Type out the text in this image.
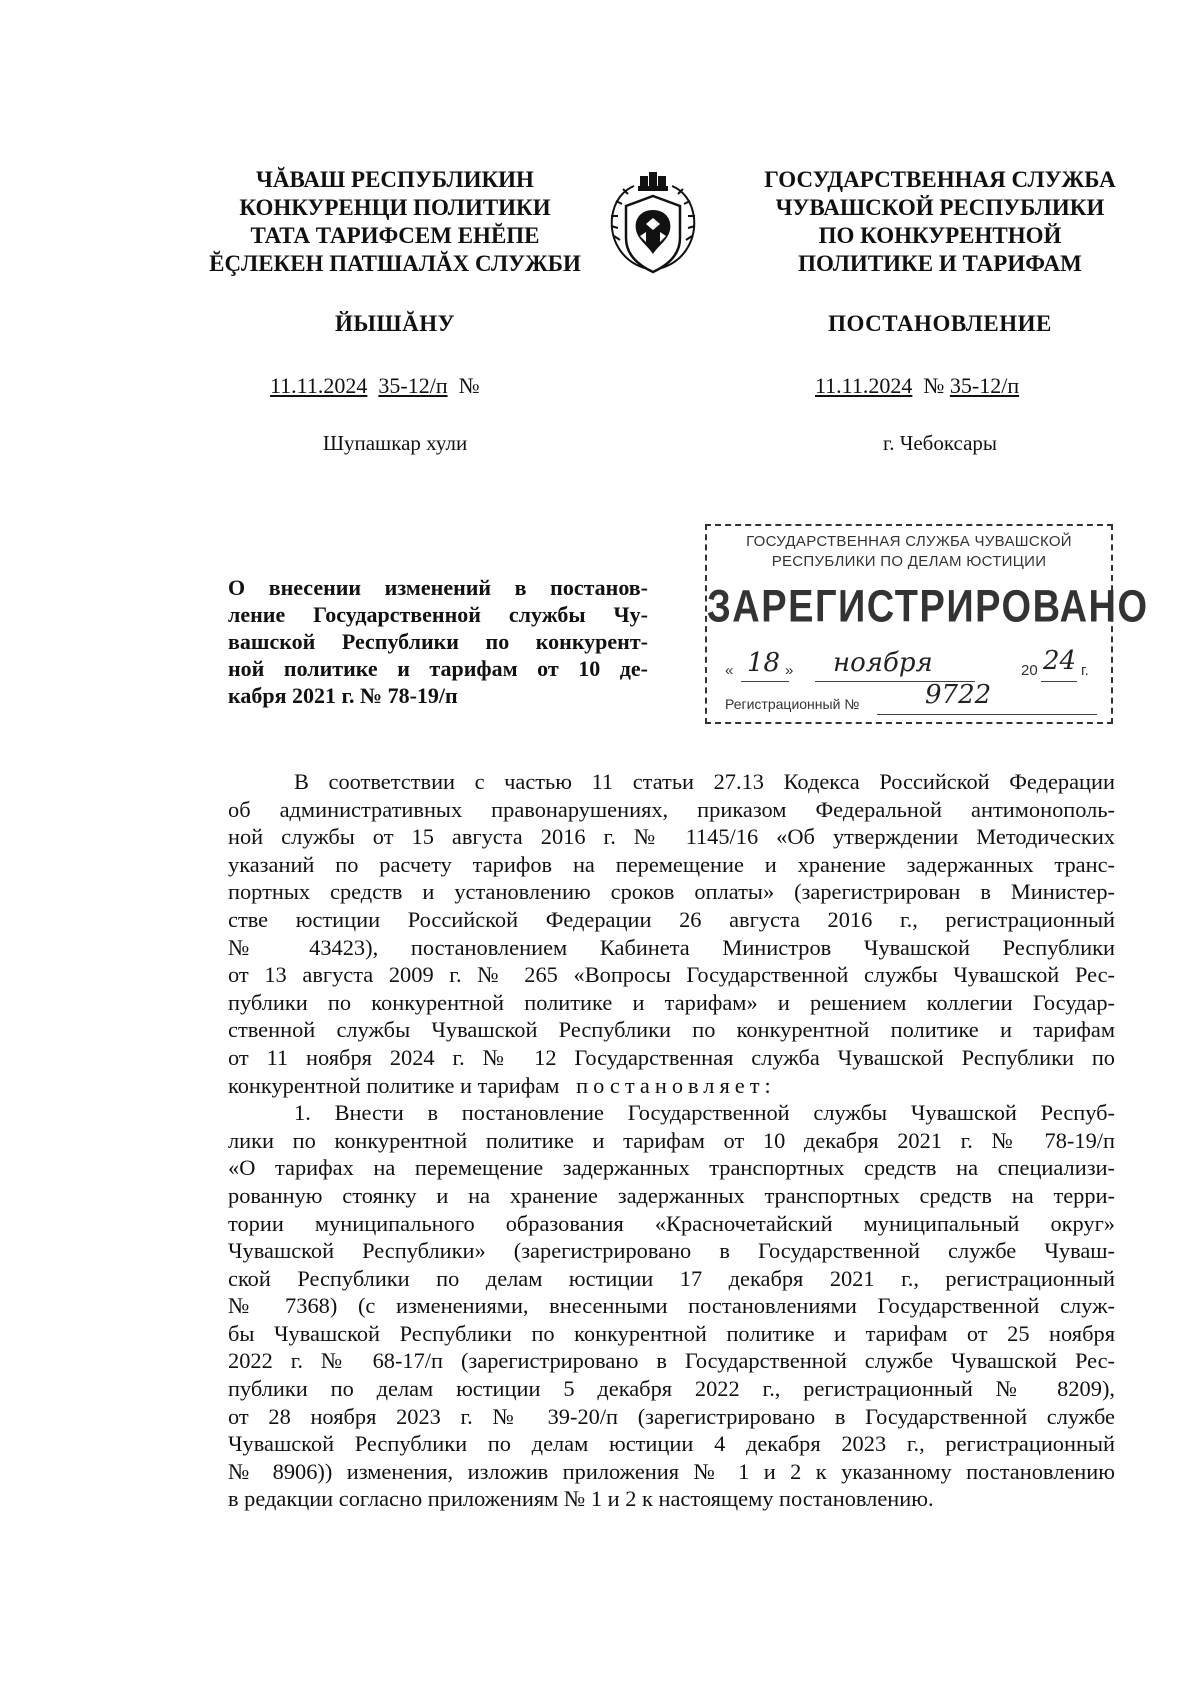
ЧĂВАШ РЕСПУБЛИКИН
КОНКУРЕНЦИ ПОЛИТИКИ
ТАТА ТАРИФСЕМ ЕНĔПЕ
ĔÇЛЕКЕН ПАТШАЛĂХ СЛУЖБИ
ГОСУДАРСТВЕННАЯ СЛУЖБА
ЧУВАШСКОЙ РЕСПУБЛИКИ
ПО КОНКУРЕНТНОЙ
ПОЛИТИКЕ И ТАРИФАМ
ЙЫШĂНУ	ПОСТАНОВЛЕНИЕ
11.11.2024 35-12/п №	11.11.2024 № 35-12/п
Шупашкар хули	г. Чебоксары
ГОСУДАРСТВЕННАЯ СЛУЖБА ЧУВАШСКОЙ
РЕСПУБЛИКИ ПО ДЕЛАМ ЮСТИЦИИ
ЗАРЕГИСТРИРОВАНО
« 18 » ноября	20 24 г.
Регистрационный №	9722
О внесении изменений в постанов-
ление Государственной службы Чу-
вашской Республики по конкурент-
ной политике и тарифам от 10 де-
кабря 2021 г. № 78-19/п
В соответствии с частью 11 статьи 27.13 Кодекса Российской Федерации
об административных правонарушениях, приказом Федеральной антимонополь-
ной службы от 15 августа 2016 г. № 1145/16 «Об утверждении Методических
указаний по расчету тарифов на перемещение и хранение задержанных транс-
портных средств и установлению сроков оплаты» (зарегистрирован в Министер-
стве юстиции Российской Федерации 26 августа 2016 г., регистрационный
№ 43423), постановлением Кабинета Министров Чувашской Республики
от 13 августа 2009 г. № 265 «Вопросы Государственной службы Чувашской Рес-
публики по конкурентной политике и тарифам» и решением коллегии Государ-
ственной службы Чувашской Республики по конкурентной политике и тарифам
от 11 ноября 2024 г. № 12 Государственная служба Чувашской Республики по
конкурентной политике и тарифам постановляет:
1. Внести в постановление Государственной службы Чувашской Респуб-
лики по конкурентной политике и тарифам от 10 декабря 2021 г. № 78-19/п
«О тарифах на перемещение задержанных транспортных средств на специализи-
рованную стоянку и на хранение задержанных транспортных средств на терри-
тории муниципального образования «Красночетайский муниципальный округ»
Чувашской Республики» (зарегистрировано в Государственной службе Чуваш-
ской Республики по делам юстиции 17 декабря 2021 г., регистрационный
№ 7368) (с изменениями, внесенными постановлениями Государственной служ-
бы Чувашской Республики по конкурентной политике и тарифам от 25 ноября
2022 г. № 68-17/п (зарегистрировано в Государственной службе Чувашской Рес-
публики по делам юстиции 5 декабря 2022 г., регистрационный № 8209),
от 28 ноября 2023 г. № 39-20/п (зарегистрировано в Государственной службе
Чувашской Республики по делам юстиции 4 декабря 2023 г., регистрационный
№ 8906)) изменения, изложив приложения № 1 и 2 к указанному постановлению
в редакции согласно приложениям № 1 и 2 к настоящему постановлению.
